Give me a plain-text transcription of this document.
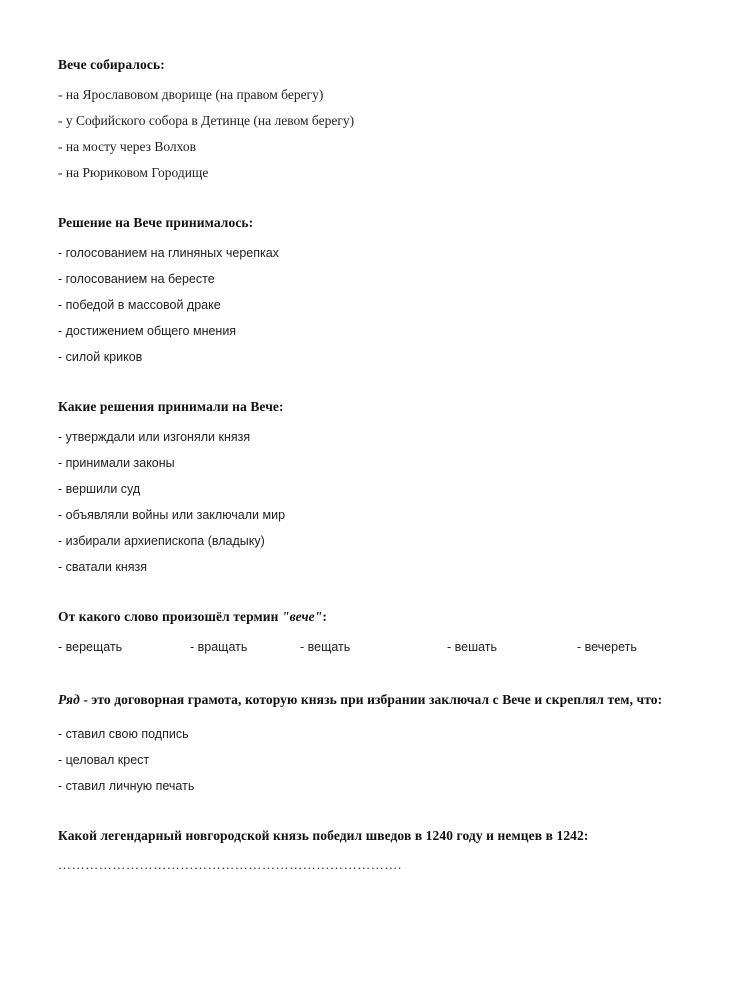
Вече собиралось:

- на Ярославовом дворище (на правом берегу)

- у Софийского собора в Детинце (на левом берегу)

- на мосту через Волхов

- на Рюриковом Городище

Решение на Вече принималось:

- голосованием на глиняных черепках

- голосованием на бересте

- победой в массовой драке

- достижением общего мнения

- силой криков

Какие решения принимали на Вече:

- утверждали или изгоняли князя

- принимали законы

- вершили суд

- объявляли войны или заключали мир

- избирали архиепископа (владыку)

- сватали князя

От какого слово произошёл термин "вече":

- верещать	- вращать	- вещать	- вешать	- вечереть

Ряд - это договорная грамота, которую князь при избрании заключал с Вече и скреплял тем, что:

- ставил свою подпись

- целовал крест

- ставил личную печать

Какой легендарный новгородской князь победил шведов в 1240 году и немцев в 1242:

………………………………………………………………….
